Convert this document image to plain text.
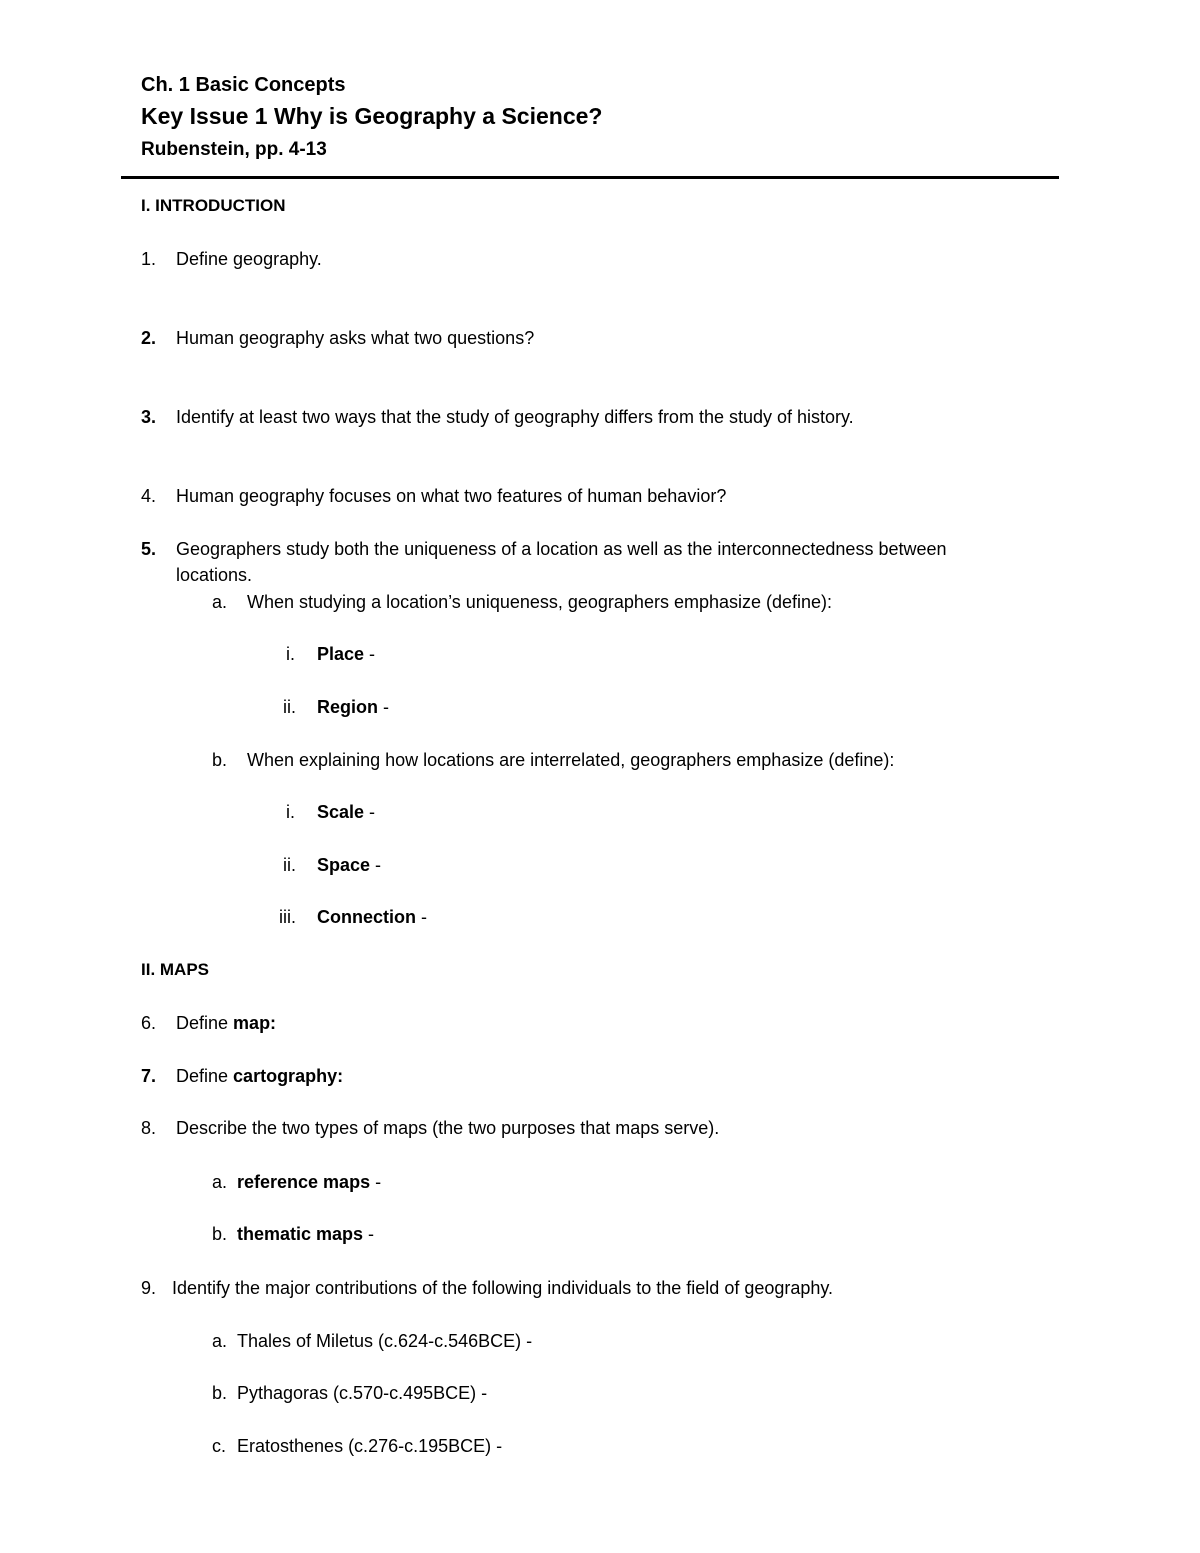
Ch. 1 Basic Concepts
Key Issue 1 Why is Geography a Science?
Rubenstein, pp. 4-13
I. INTRODUCTION
1. Define geography.
2. Human geography asks what two questions?
3. Identify at least two ways that the study of geography differs from the study of history.
4. Human geography focuses on what two features of human behavior?
5. Geographers study both the uniqueness of a location as well as the interconnectedness between
locations.
a. When studying a location’s uniqueness, geographers emphasize (define):
i. Place -
ii. Region -
b. When explaining how locations are interrelated, geographers emphasize (define):
i. Scale -
ii. Space -
iii. Connection -
II. MAPS
6. Define map:
7. Define cartography:
8. Describe the two types of maps (the two purposes that maps serve).
a. reference maps -
b. thematic maps -
9. Identify the major contributions of the following individuals to the field of geography.
a. Thales of Miletus (c.624-c.546BCE) -
b. Pythagoras (c.570-c.495BCE) -
c. Eratosthenes (c.276-c.195BCE) -
